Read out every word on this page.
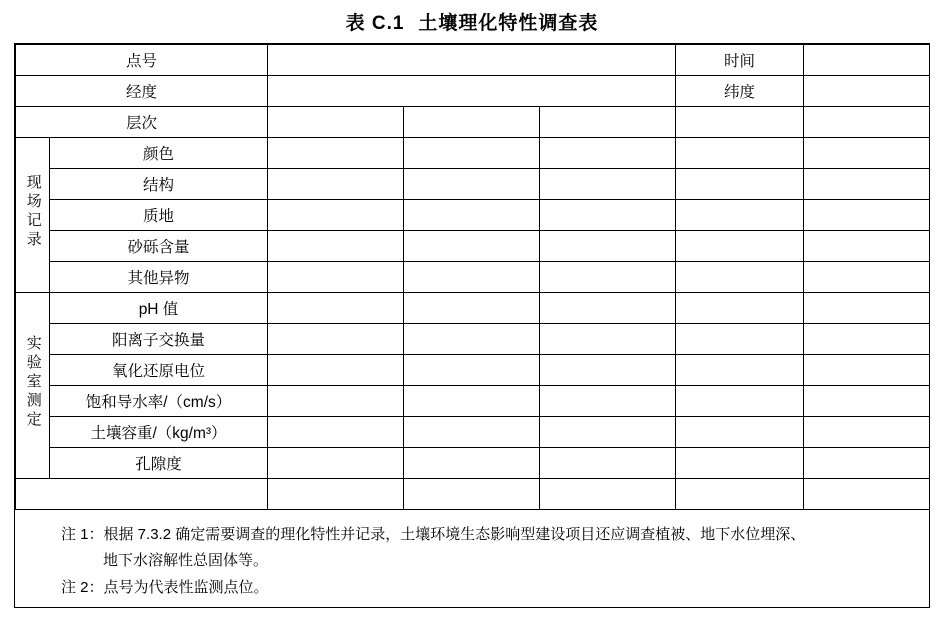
表 C.1 土壤理化特性调查表
点号					时间	
经度					纬度	
层次						
现场记录	颜色					
	结构					
	质地					
	砂砾含量					
	其他异物					
实验室测定	pH 值					
	阳离子交换量					
	氧化还原电位					
	饱和导水率/（cm/s）					
	土壤容重/（kg/m³）					
	孔隙度					

注 1：根据 7.3.2 确定需要调查的理化特性并记录，土壤环境生态影响型建设项目还应调查植被、地下水位埋深、
地下水溶解性总固体等。
注 2：点号为代表性监测点位。
